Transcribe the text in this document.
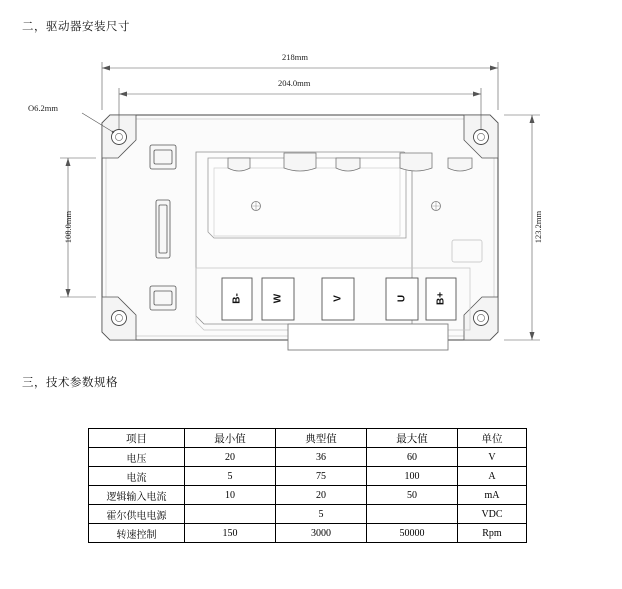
二，驱动器安装尺寸
三，技术参数规格
218mm
204.0mm
108.0mm	123.2mm
O6.2mm
B-	W	V	U	B+
项目	最小值	典型值	最大值	单位
电压	20	36	60	V
电流	5	75	100	A
逻辑输入电流	10	20	50	mA
霍尔供电电源		5		VDC
转速控制	150	3000	50000	Rpm
